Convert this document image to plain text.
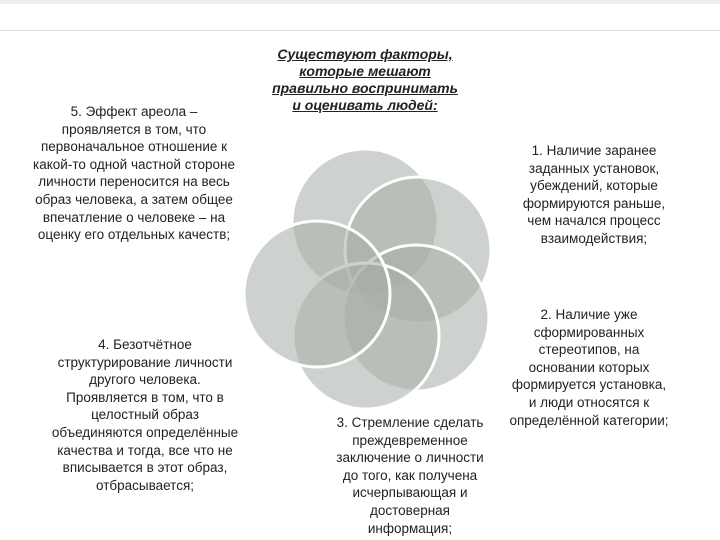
Существуют факторы, которые мешают правильно воспринимать и оценивать людей:
5. Эффект ареола –
проявляется в том, что
первоначальное отношение к
какой-то одной частной стороне
личности переносится на весь
образ человека, а затем общее
впечатление о человеке – на
оценку его отдельных качеств;
1. Наличие заранее
заданных установок,
убеждений, которые
формируются раньше,
чем начался процесс
взаимодействия;
2. Наличие уже
сформированных
стереотипов, на
основании которых
формируется установка,
и люди относятся к
определённой категории;
3. Стремление сделать
преждевременное
заключение о личности
до того, как получена
исчерпывающая и
достоверная
информация;
4. Безотчётное
структурирование личности
другого человека.
Проявляется в том, что в
целостный образ
объединяются определённые
качества и тогда, все что не
вписывается в этот образ,
отбрасывается;
